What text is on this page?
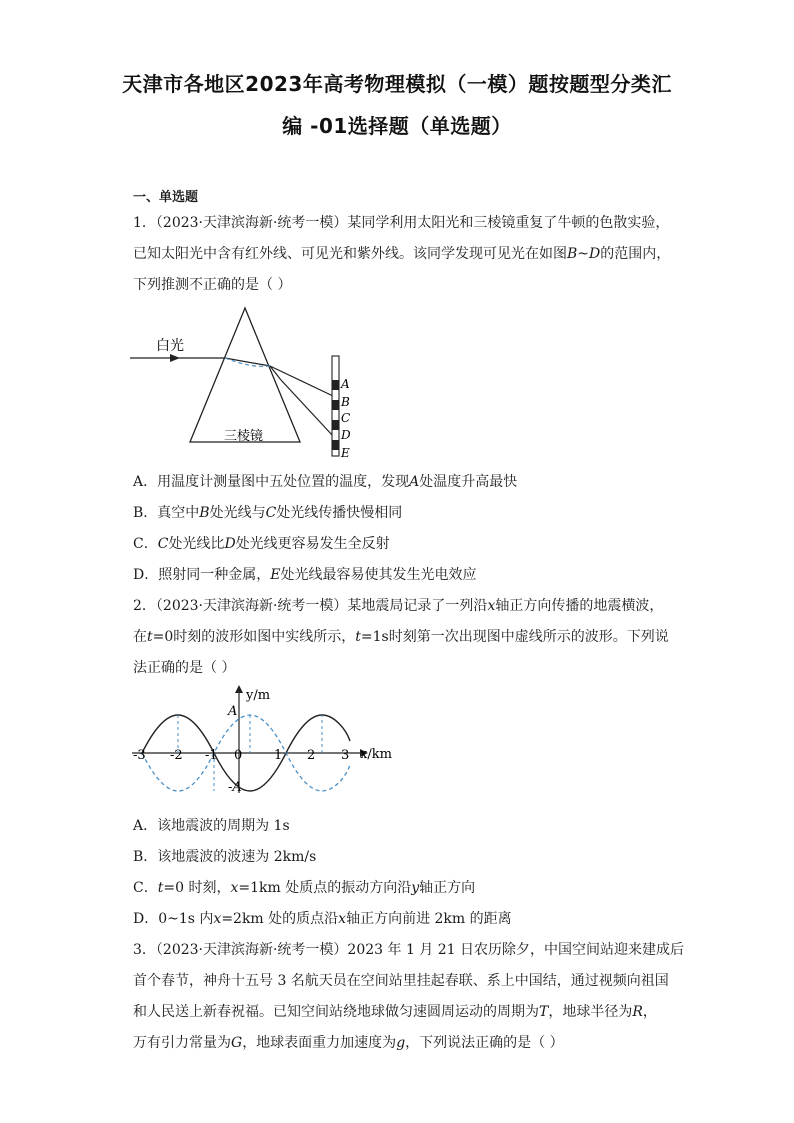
天津市各地区2023年高考物理模拟（一模）题按题型分类汇
编 -01选择题（单选题）
一、单选题
1．（2023·天津滨海新·统考一模）某同学利用太阳光和三棱镜重复了牛顿的色散实验，
已知太阳光中含有红外线、可见光和紫外线。该同学发现可见光在如图B~D的范围内，
下列推测不正确的是（ ）
白光
三棱镜
A
B
C
D
E
A．用温度计测量图中五处位置的温度，发现A处温度升高最快
B．真空中B处光线与C处光线传播快慢相同
C．C处光线比D处光线更容易发生全反射
D．照射同一种金属，E处光线最容易使其发生光电效应
2．（2023·天津滨海新·统考一模）某地震局记录了一列沿x轴正方向传播的地震横波，
在t=0时刻的波形如图中实线所示，t=1s时刻第一次出现图中虚线所示的波形。下列说
法正确的是（ ）
y/m
x/km
A
-A
-3 -2 -1 0 1 2 3
A．该地震波的周期为 1s
B．该地震波的波速为 2km/s
C．t=0 时刻，x=1km 处质点的振动方向沿y轴正方向
D．0~1s 内x=2km 处的质点沿x轴正方向前进 2km 的距离
3．（2023·天津滨海新·统考一模）2023 年 1 月 21 日农历除夕，中国空间站迎来建成后
首个春节，神舟十五号 3 名航天员在空间站里挂起春联、系上中国结，通过视频向祖国
和人民送上新春祝福。已知空间站绕地球做匀速圆周运动的周期为T，地球半径为R，
万有引力常量为G，地球表面重力加速度为g，下列说法正确的是（ ）
